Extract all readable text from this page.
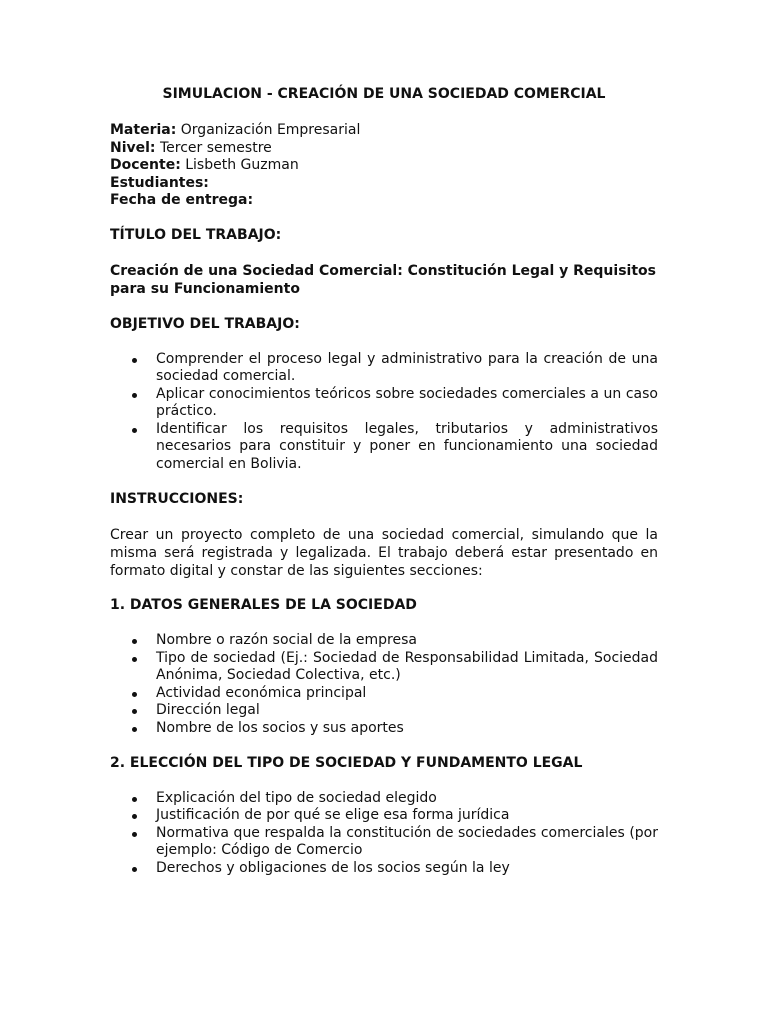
SIMULACION - CREACIÓN DE UNA SOCIEDAD COMERCIAL

Materia: Organización Empresarial

Nivel: Tercer semestre

Docente: Lisbeth Guzman

Estudiantes:

Fecha de entrega:

TÍTULO DEL TRABAJO:

Creación de una Sociedad Comercial: Constitución Legal y Requisitos para su Funcionamiento

OBJETIVO DEL TRABAJO:

Comprender el proceso legal y administrativo para la creación de una sociedad comercial.
Aplicar conocimientos teóricos sobre sociedades comerciales a un caso práctico.
Identificar los requisitos legales, tributarios y administrativos necesarios para constituir y poner en funcionamiento una sociedad comercial en Bolivia.

INSTRUCCIONES:

Crear un proyecto completo de una sociedad comercial, simulando que la misma será registrada y legalizada. El trabajo deberá estar presentado en formato digital y constar de las siguientes secciones:

1. DATOS GENERALES DE LA SOCIEDAD

Nombre o razón social de la empresa
Tipo de sociedad (Ej.: Sociedad de Responsabilidad Limitada, Sociedad Anónima, Sociedad Colectiva, etc.)
Actividad económica principal
Dirección legal
Nombre de los socios y sus aportes

2. ELECCIÓN DEL TIPO DE SOCIEDAD Y FUNDAMENTO LEGAL

Explicación del tipo de sociedad elegido
Justificación de por qué se elige esa forma jurídica
Normativa que respalda la constitución de sociedades comerciales (por ejemplo: Código de Comercio
Derechos y obligaciones de los socios según la ley
